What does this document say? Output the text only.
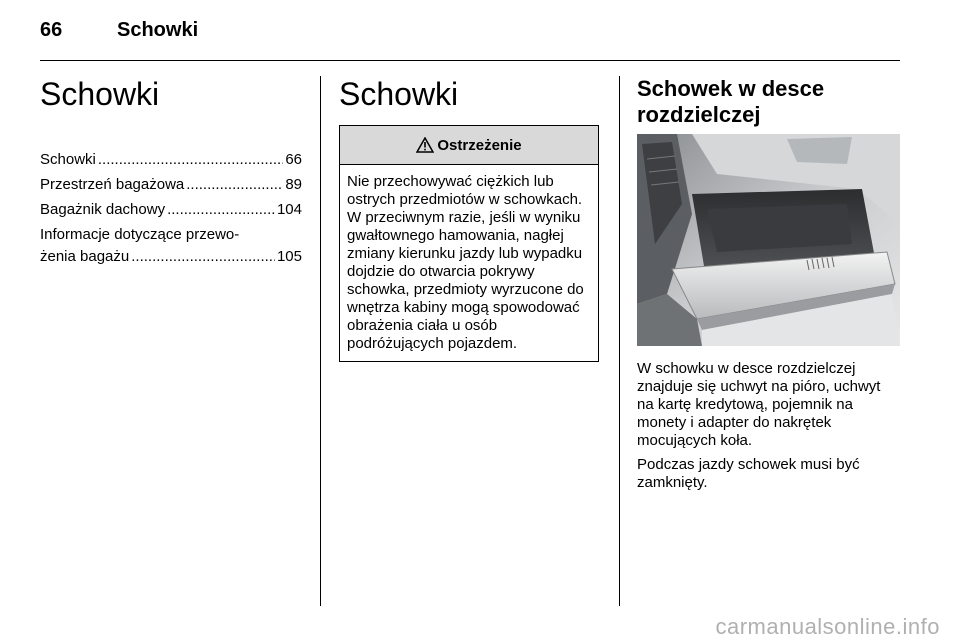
66	Schowki
Schowki
Schowki .....	66
Przestrzeń bagażowa .....	89
Bagażnik dachowy .....	104
Informacje dotyczące przewo-
żenia bagażu .....	105
Schowki
Ostrzeżenie
Nie przechowywać ciężkich lub ostrych przedmiotów w schowkach. W przeciwnym razie, jeśli w wyniku gwałtownego hamowania, nagłej zmiany kierunku jazdy lub wypadku dojdzie do otwarcia pokrywy schowka, przedmioty wyrzucone do wnętrza kabiny mogą spowodować obrażenia ciała u osób podróżujących pojazdem.
Schowek w desce rozdzielczej

W schowku w desce rozdzielczej znajduje się uchwyt na pióro, uchwyt na kartę kredytową, pojemnik na monety i adapter do nakrętek mocujących koła.

Podczas jazdy schowek musi być zamknięty.

carmanualsonline.info
